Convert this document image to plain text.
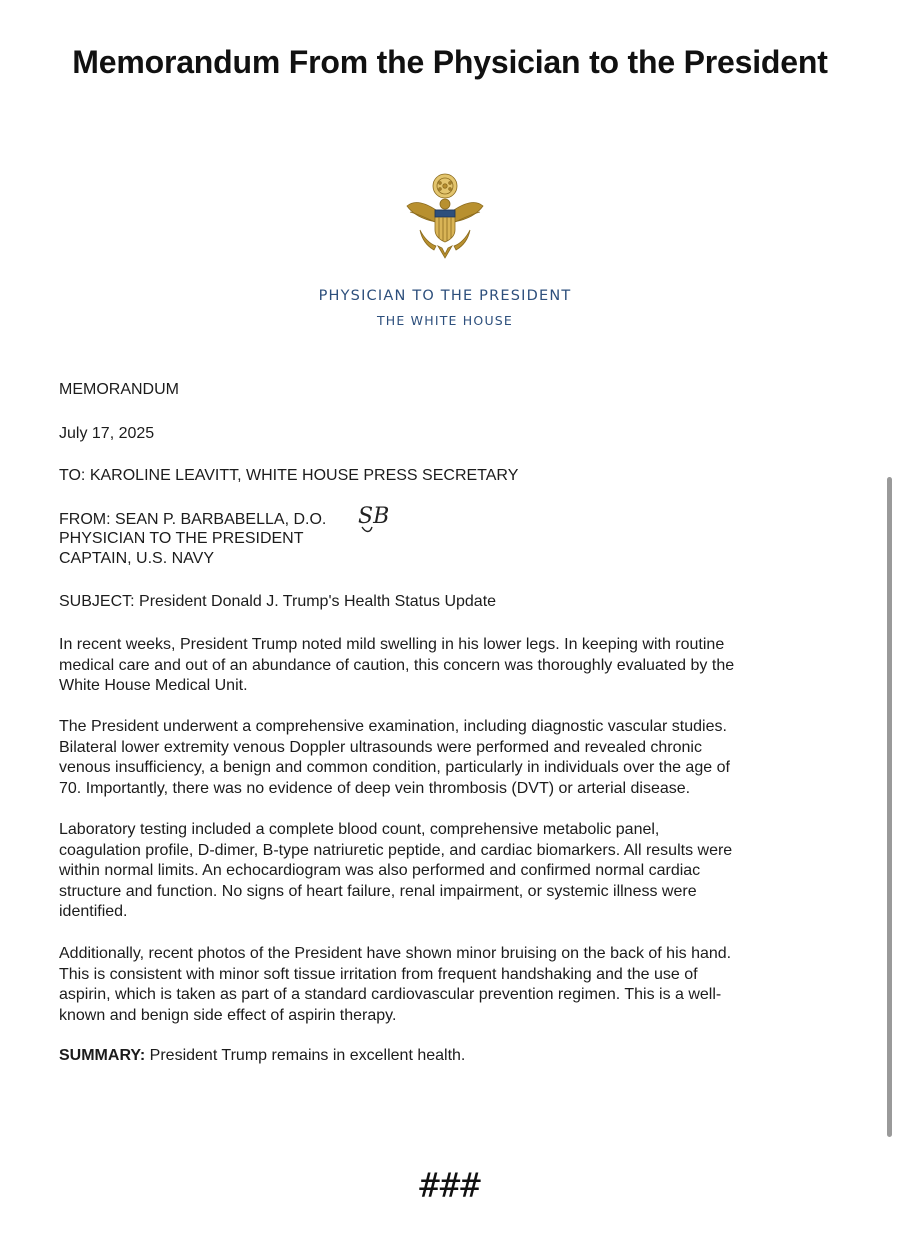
Memorandum From the Physician to the President
PHYSICIAN TO THE PRESIDENT
THE WHITE HOUSE
MEMORANDUM
July 17, 2025
TO: KAROLINE LEAVITT, WHITE HOUSE PRESS SECRETARY
FROM: SEAN P. BARBABELLA, D.O.
PHYSICIAN TO THE PRESIDENT
CAPTAIN, U.S. NAVY
SB
SUBJECT: President Donald J. Trump's Health Status Update
In recent weeks, President Trump noted mild swelling in his lower legs. In keeping with routine
medical care and out of an abundance of caution, this concern was thoroughly evaluated by the
White House Medical Unit.
The President underwent a comprehensive examination, including diagnostic vascular studies.
Bilateral lower extremity venous Doppler ultrasounds were performed and revealed chronic
venous insufficiency, a benign and common condition, particularly in individuals over the age of
70. Importantly, there was no evidence of deep vein thrombosis (DVT) or arterial disease.
Laboratory testing included a complete blood count, comprehensive metabolic panel,
coagulation profile, D-dimer, B-type natriuretic peptide, and cardiac biomarkers. All results were
within normal limits. An echocardiogram was also performed and confirmed normal cardiac
structure and function. No signs of heart failure, renal impairment, or systemic illness were
identified.
Additionally, recent photos of the President have shown minor bruising on the back of his hand.
This is consistent with minor soft tissue irritation from frequent handshaking and the use of
aspirin, which is taken as part of a standard cardiovascular prevention regimen. This is a well-
known and benign side effect of aspirin therapy.
SUMMARY: President Trump remains in excellent health.
###
